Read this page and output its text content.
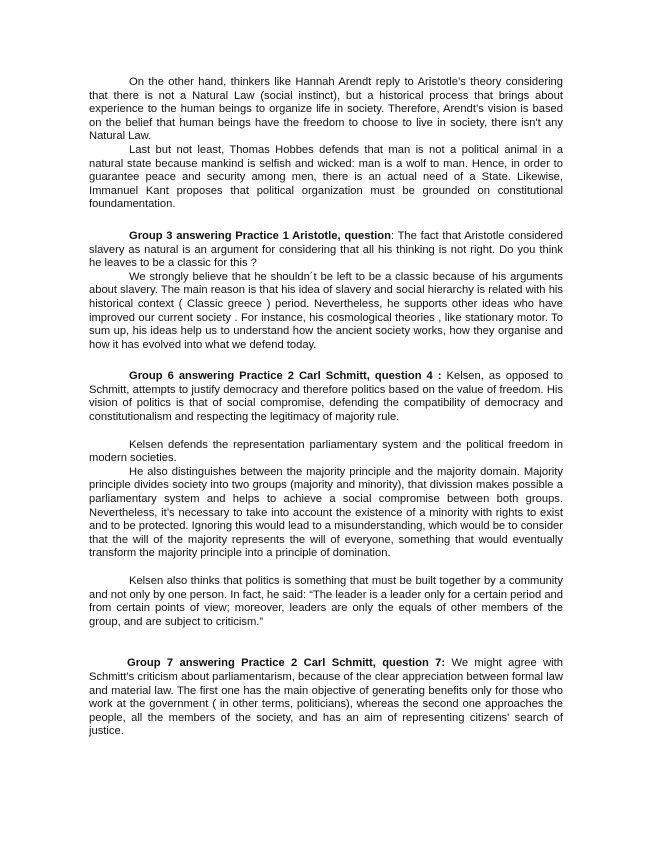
On the other hand, thinkers like Hannah Arendt reply to Aristotle’s theory considering that there is not a Natural Law (social instinct), but a historical process that brings about experience to the human beings to organize life in society. Therefore, Arendt’s vision is based on the belief that human beings have the freedom to choose to live in society, there isn't any Natural Law.

Last but not least, Thomas Hobbes defends that man is not a political animal in a natural state because mankind is selfish and wicked: man is a wolf to man. Hence, in order to guarantee peace and security among men, there is an actual need of a State. Likewise, Immanuel Kant proposes that political organization must be grounded on constitutional foundamentation.

Group 3 answering Practice 1 Aristotle, question: The fact that Aristotle considered slavery as natural is an argument for considering that all his thinking is not right. Do you think he leaves to be a classic for this ?

We strongly believe that he shouldn´t be left to be a classic because of his arguments about slavery. The main reason is that his idea of slavery and social hierarchy is related with his historical context ( Classic greece ) period. Nevertheless, he supports other ideas who have improved our current society . For instance, his cosmological theories , like stationary motor. To sum up, his ideas help us to understand how the ancient society works, how they organise and how it has evolved into what we defend today.

Group 6 answering Practice 2 Carl Schmitt, question 4 : Kelsen, as opposed to Schmitt, attempts to justify democracy and therefore politics based on the value of freedom. His vision of politics is that of social compromise, defending the compatibility of democracy and constitutionalism and respecting the legitimacy of majority rule.

Kelsen defends the representation parliamentary system and the political freedom in modern societies.

He also distinguishes between the majority principle and the majority domain. Majority principle divides society into two groups (majority and minority), that divission makes possible a parliamentary system and helps to achieve a social compromise between both groups. Nevertheless, it’s necessary to take into account the existence of a minority with rights to exist and to be protected. Ignoring this would lead to a misunderstanding, which would be to consider that the will of the majority represents the will of everyone, something that would eventually transform the majority principle into a principle of domination.

Kelsen also thinks that politics is something that must be built together by a community and not only by one person. In fact, he said: “The leader is a leader only for a certain period and from certain points of view; moreover, leaders are only the equals of other members of the group, and are subject to criticism.”

Group 7 answering Practice 2 Carl Schmitt, question 7: We might agree with Schmitt’s criticism about parliamentarism, because of the clear appreciation between formal law and material law. The first one has the main objective of generating benefits only for those who work at the government ( in other terms, politicians), whereas the second one approaches the people, all the members of the society, and has an aim of representing citizens' search of justice.
